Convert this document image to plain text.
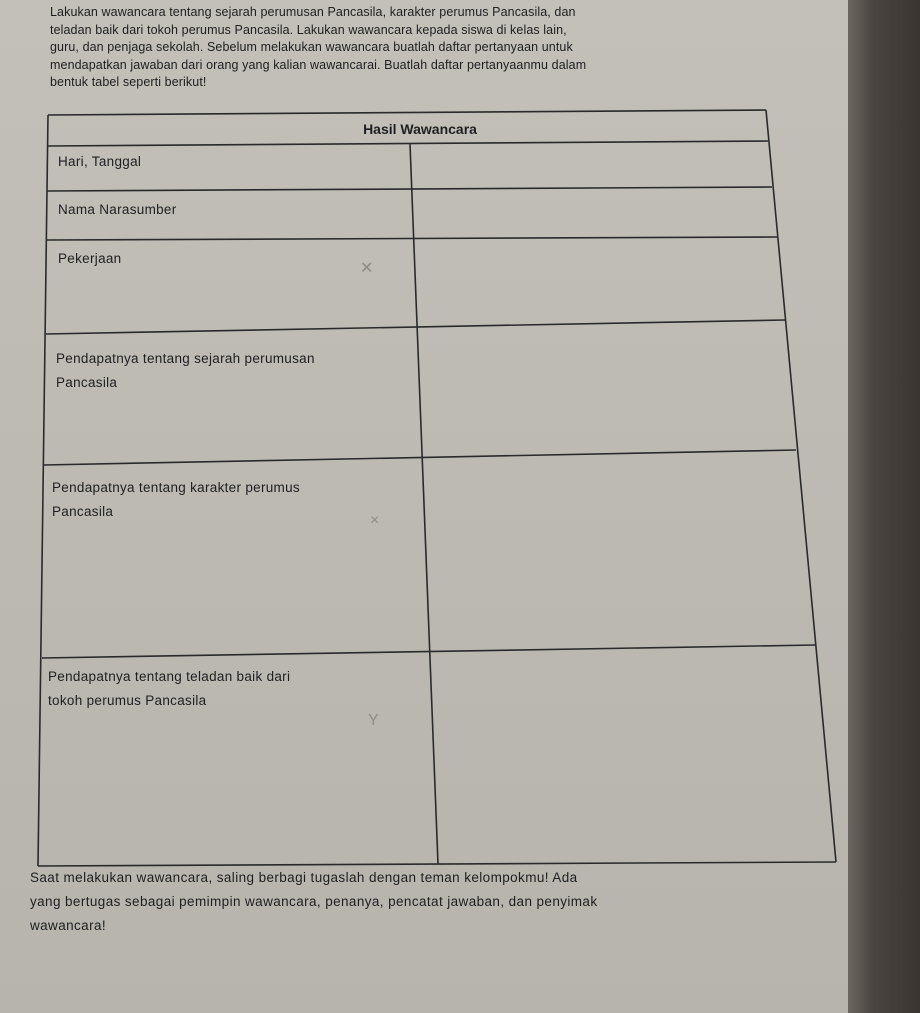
Lakukan wawancara tentang sejarah perumusan Pancasila, karakter perumus Pancasila, dan

teladan baik dari tokoh perumus Pancasila. Lakukan wawancara kepada siswa di kelas lain,

guru, dan penjaga sekolah. Sebelum melakukan wawancara buatlah daftar pertanyaan untuk

mendapatkan jawaban dari orang yang kalian wawancarai. Buatlah daftar pertanyaanmu dalam

bentuk tabel seperti berikut!

Hasil Wawancara
Hari, Tanggal
Nama Narasumber
Pekerjaan
Pendapatnya tentang sejarah perumusan
Pancasila
Pendapatnya tentang karakter perumus
Pancasila
Pendapatnya tentang teladan baik dari
tokoh perumus Pancasila
✕
Y
×

Saat melakukan wawancara, saling berbagi tugaslah dengan teman kelompokmu! Ada

yang bertugas sebagai pemimpin wawancara, penanya, pencatat jawaban, dan penyimak

wawancara!
